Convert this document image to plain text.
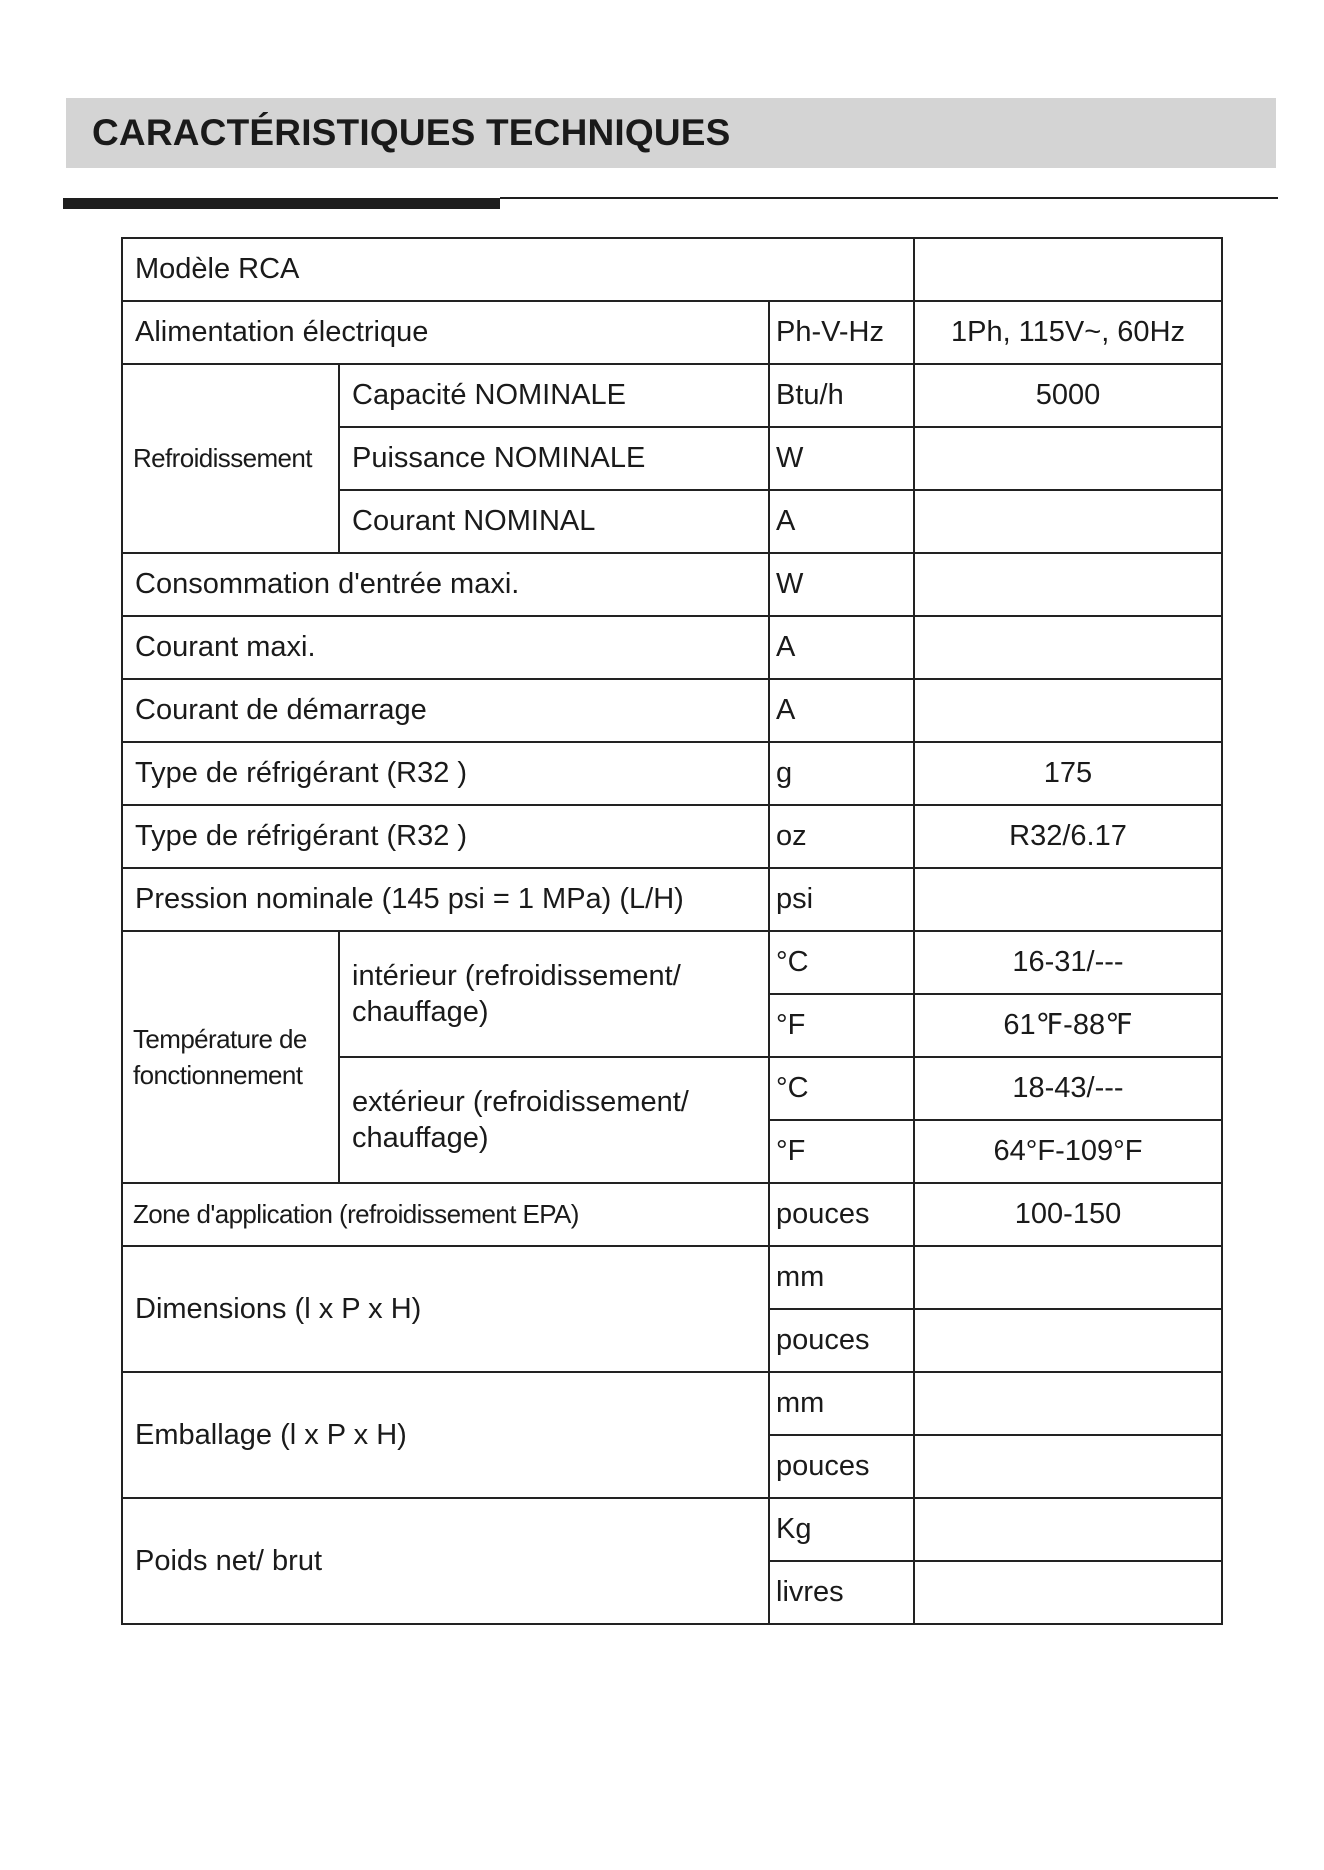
CARACTÉRISTIQUES TECHNIQUES
Modèle RCA			
Alimentation électrique		Ph-V-Hz	1Ph, 115V~, 60Hz
Refroidissement	Capacité NOMINALE	Btu/h	5000
	Puissance NOMINALE	W	
	Courant NOMINAL	A	
Consommation d'entrée maxi.		W	
Courant maxi.		A	
Courant de démarrage		A	
Type de réfrigérant (R32 )		g	175
Type de réfrigérant (R32 )		oz	R32/6.17
Pression nominale (145 psi = 1 MPa) (L/H)		psi	
Température de fonctionnement	intérieur (refroidissement/ chauffage)	°C	16-31/---
		°F	61℉-88℉
	extérieur (refroidissement/ chauffage)	°C	18-43/---
		°F	64°F-109°F
Zone d'application (refroidissement EPA)		pouces	100-150
Dimensions (l x P x H)		mm	
		pouces	
Emballage (l x P x H)		mm	
		pouces	
Poids net/ brut		Kg	
		livres	
